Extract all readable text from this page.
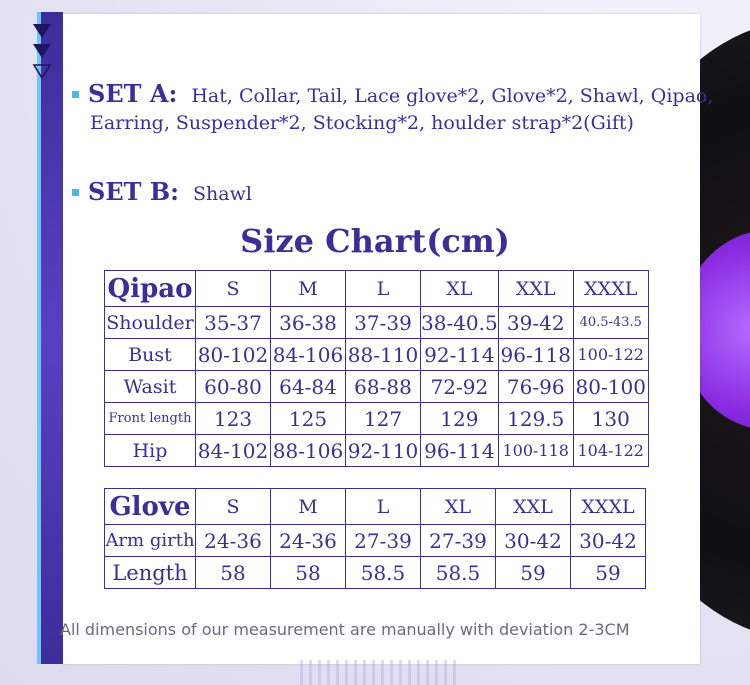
SET A: Hat, Collar, Tail, Lace glove*2, Glove*2, Shawl, Qipao,
Earring, Suspender*2, Stocking*2, houlder strap*2(Gift)
SET B: Shawl
Size Chart(cm)
Qipao	S	M	L	XL	XXL	XXXL
Shoulder	35-37	36-38	37-39	38-40.5	39-42	40.5-43.5
Bust	80-102	84-106	88-110	92-114	96-118	100-122
Wasit	60-80	64-84	68-88	72-92	76-96	80-100
Front length	123	125	127	129	129.5	130
Hip	84-102	88-106	92-110	96-114	100-118	104-122
Glove	S	M	L	XL	XXL	XXXL
Arm girth	24-36	24-36	27-39	27-39	30-42	30-42
Length	58	58	58.5	58.5	59	59
All dimensions of our measurement are manually with deviation 2-3CM
